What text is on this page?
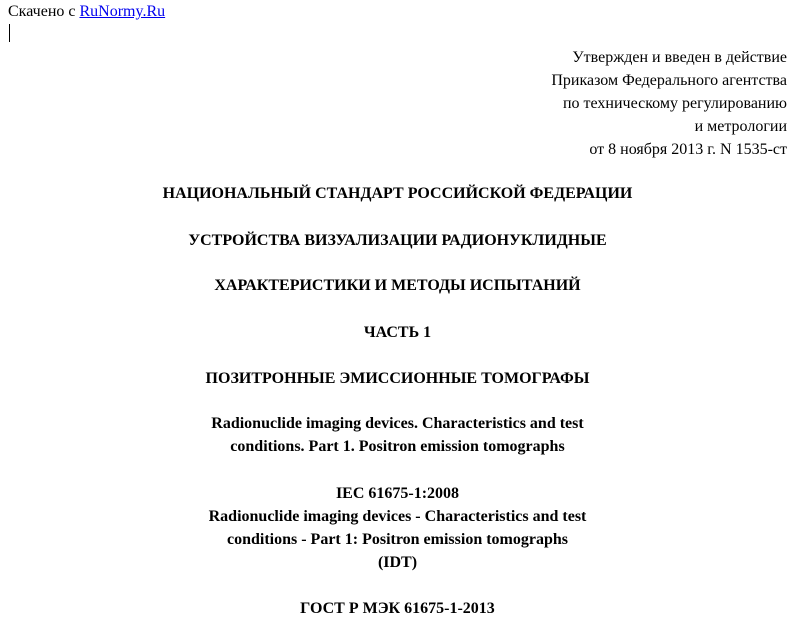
Скачено с RuNormy.Ru
Утвержден и введен в действие
Приказом Федерального агентства
по техническому регулированию
и метрологии
от 8 ноября 2013 г. N 1535-ст
НАЦИОНАЛЬНЫЙ СТАНДАРТ РОССИЙСКОЙ ФЕДЕРАЦИИ
УСТРОЙСТВА ВИЗУАЛИЗАЦИИ РАДИОНУКЛИДНЫЕ
ХАРАКТЕРИСТИКИ И МЕТОДЫ ИСПЫТАНИЙ
ЧАСТЬ 1
ПОЗИТРОННЫЕ ЭМИССИОННЫЕ ТОМОГРАФЫ
Radionuclide imaging devices. Characteristics and test
conditions. Part 1. Positron emission tomographs
IEC 61675-1:2008
Radionuclide imaging devices - Characteristics and test
conditions - Part 1: Positron emission tomographs
(IDT)
ГОСТ Р МЭК 61675-1-2013
